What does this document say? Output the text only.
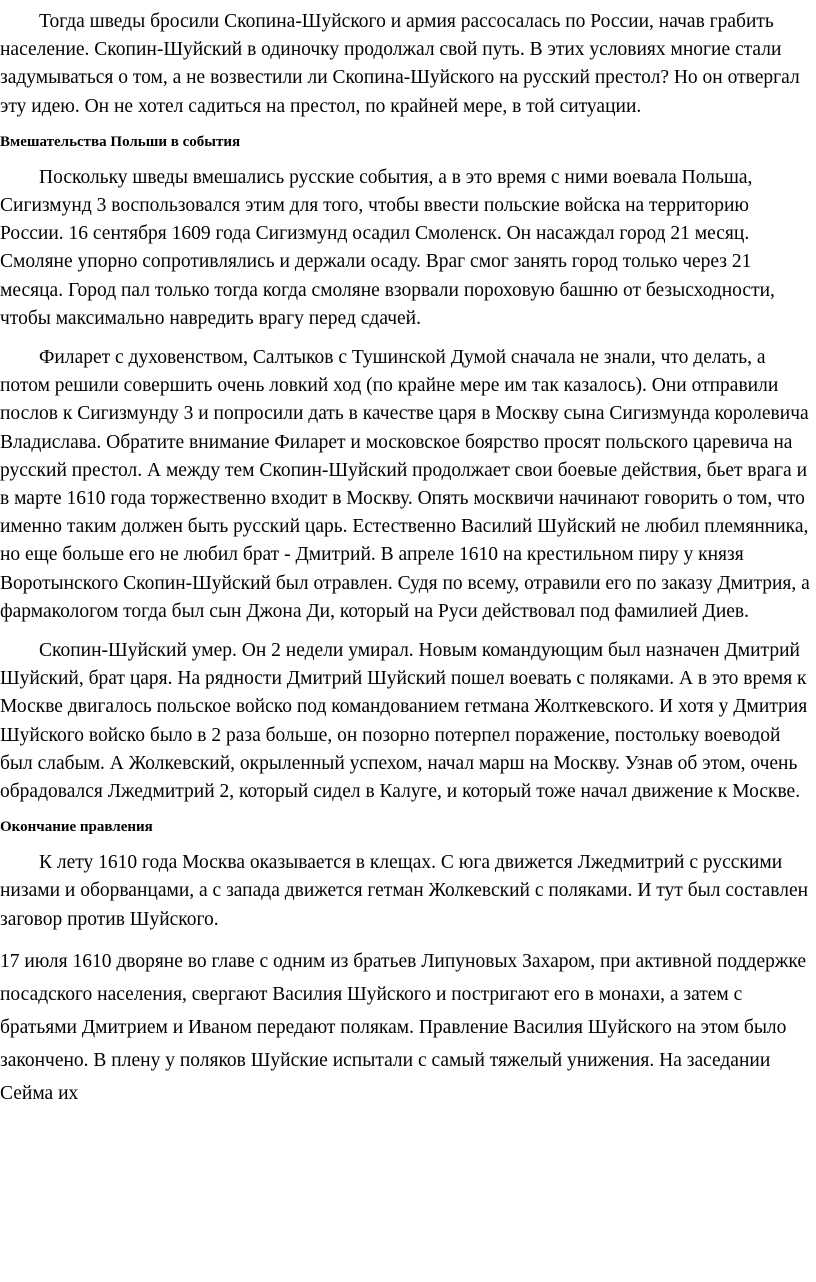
Тогда шведы бросили Скопина-Шуйского и армия рассосалась по России, начав грабить население. Скопин-Шуйский в одиночку продолжал свой путь. В этих условиях многие стали задумываться о том, а не возвестили ли Скопина-Шуйского на русский престол? Но он отвергал эту идею. Он не хотел садиться на престол, по крайней мере, в той ситуации.

Вмешательства Польши в события

Поскольку шведы вмешались русские события, а в это время с ними воевала Польша, Сигизмунд 3 воспользовался этим для того, чтобы ввести польские войска на территорию России. 16 сентября 1609 года Сигизмунд осадил Смоленск. Он насаждал город 21 месяц. Смоляне упорно сопротивлялись и держали осаду. Враг смог занять город только через 21 месяца. Город пал только тогда когда смоляне взорвали пороховую башню от безысходности, чтобы максимально навредить врагу перед сдачей.

Филарет с духовенством, Салтыков с Тушинской Думой сначала не знали, что делать, а потом решили совершить очень ловкий ход (по крайне мере им так казалось). Они отправили послов к Сигизмунду 3 и попросили дать в качестве царя в Москву сына Сигизмунда королевича Владислава. Обратите внимание Филарет и московское боярство просят польского царевича на русский престол. А между тем Скопин-Шуйский продолжает свои боевые действия, бьет врага и в марте 1610 года торжественно входит в Москву. Опять москвичи начинают говорить о том, что именно таким должен быть русский царь. Естественно Василий Шуйский не любил племянника, но еще больше его не любил брат - Дмитрий. В апреле 1610 на крестильном пиру у князя Воротынского Скопин-Шуйский был отравлен. Судя по всему, отравили его по заказу Дмитрия, а фармакологом тогда был сын Джона Ди, который на Руси действовал под фамилией Диев.

Скопин-Шуйский умер. Он 2 недели умирал. Новым командующим был назначен Дмитрий Шуйский, брат царя. На рядности Дмитрий Шуйский пошел воевать с поляками. А в это время к Москве двигалось польское войско под командованием гетмана Жолткевского. И хотя у Дмитрия Шуйского войско было в 2 раза больше, он позорно потерпел поражение, постольку воеводой был слабым. А Жолкевский, окрыленный успехом, начал марш на Москву. Узнав об этом, очень обрадовался Лжедмитрий 2, который сидел в Калуге, и который тоже начал движение к Москве.

Окончание правления

К лету 1610 года Москва оказывается в клещах. С юга движется Лжедмитрий с русскими низами и оборванцами, а с запада движется гетман Жолкевский с поляками. И тут был составлен заговор против Шуйского.

17 июля 1610 дворяне во главе с одним из братьев Липуновых Захаром, при активной поддержке посадского населения, свергают Василия Шуйского и постригают его в монахи, а затем с братьями Дмитрием и Иваном передают полякам. Правление Василия Шуйского на этом было закончено. В плену у поляков Шуйские испытали с самый тяжелый унижения. На заседании Сейма их
